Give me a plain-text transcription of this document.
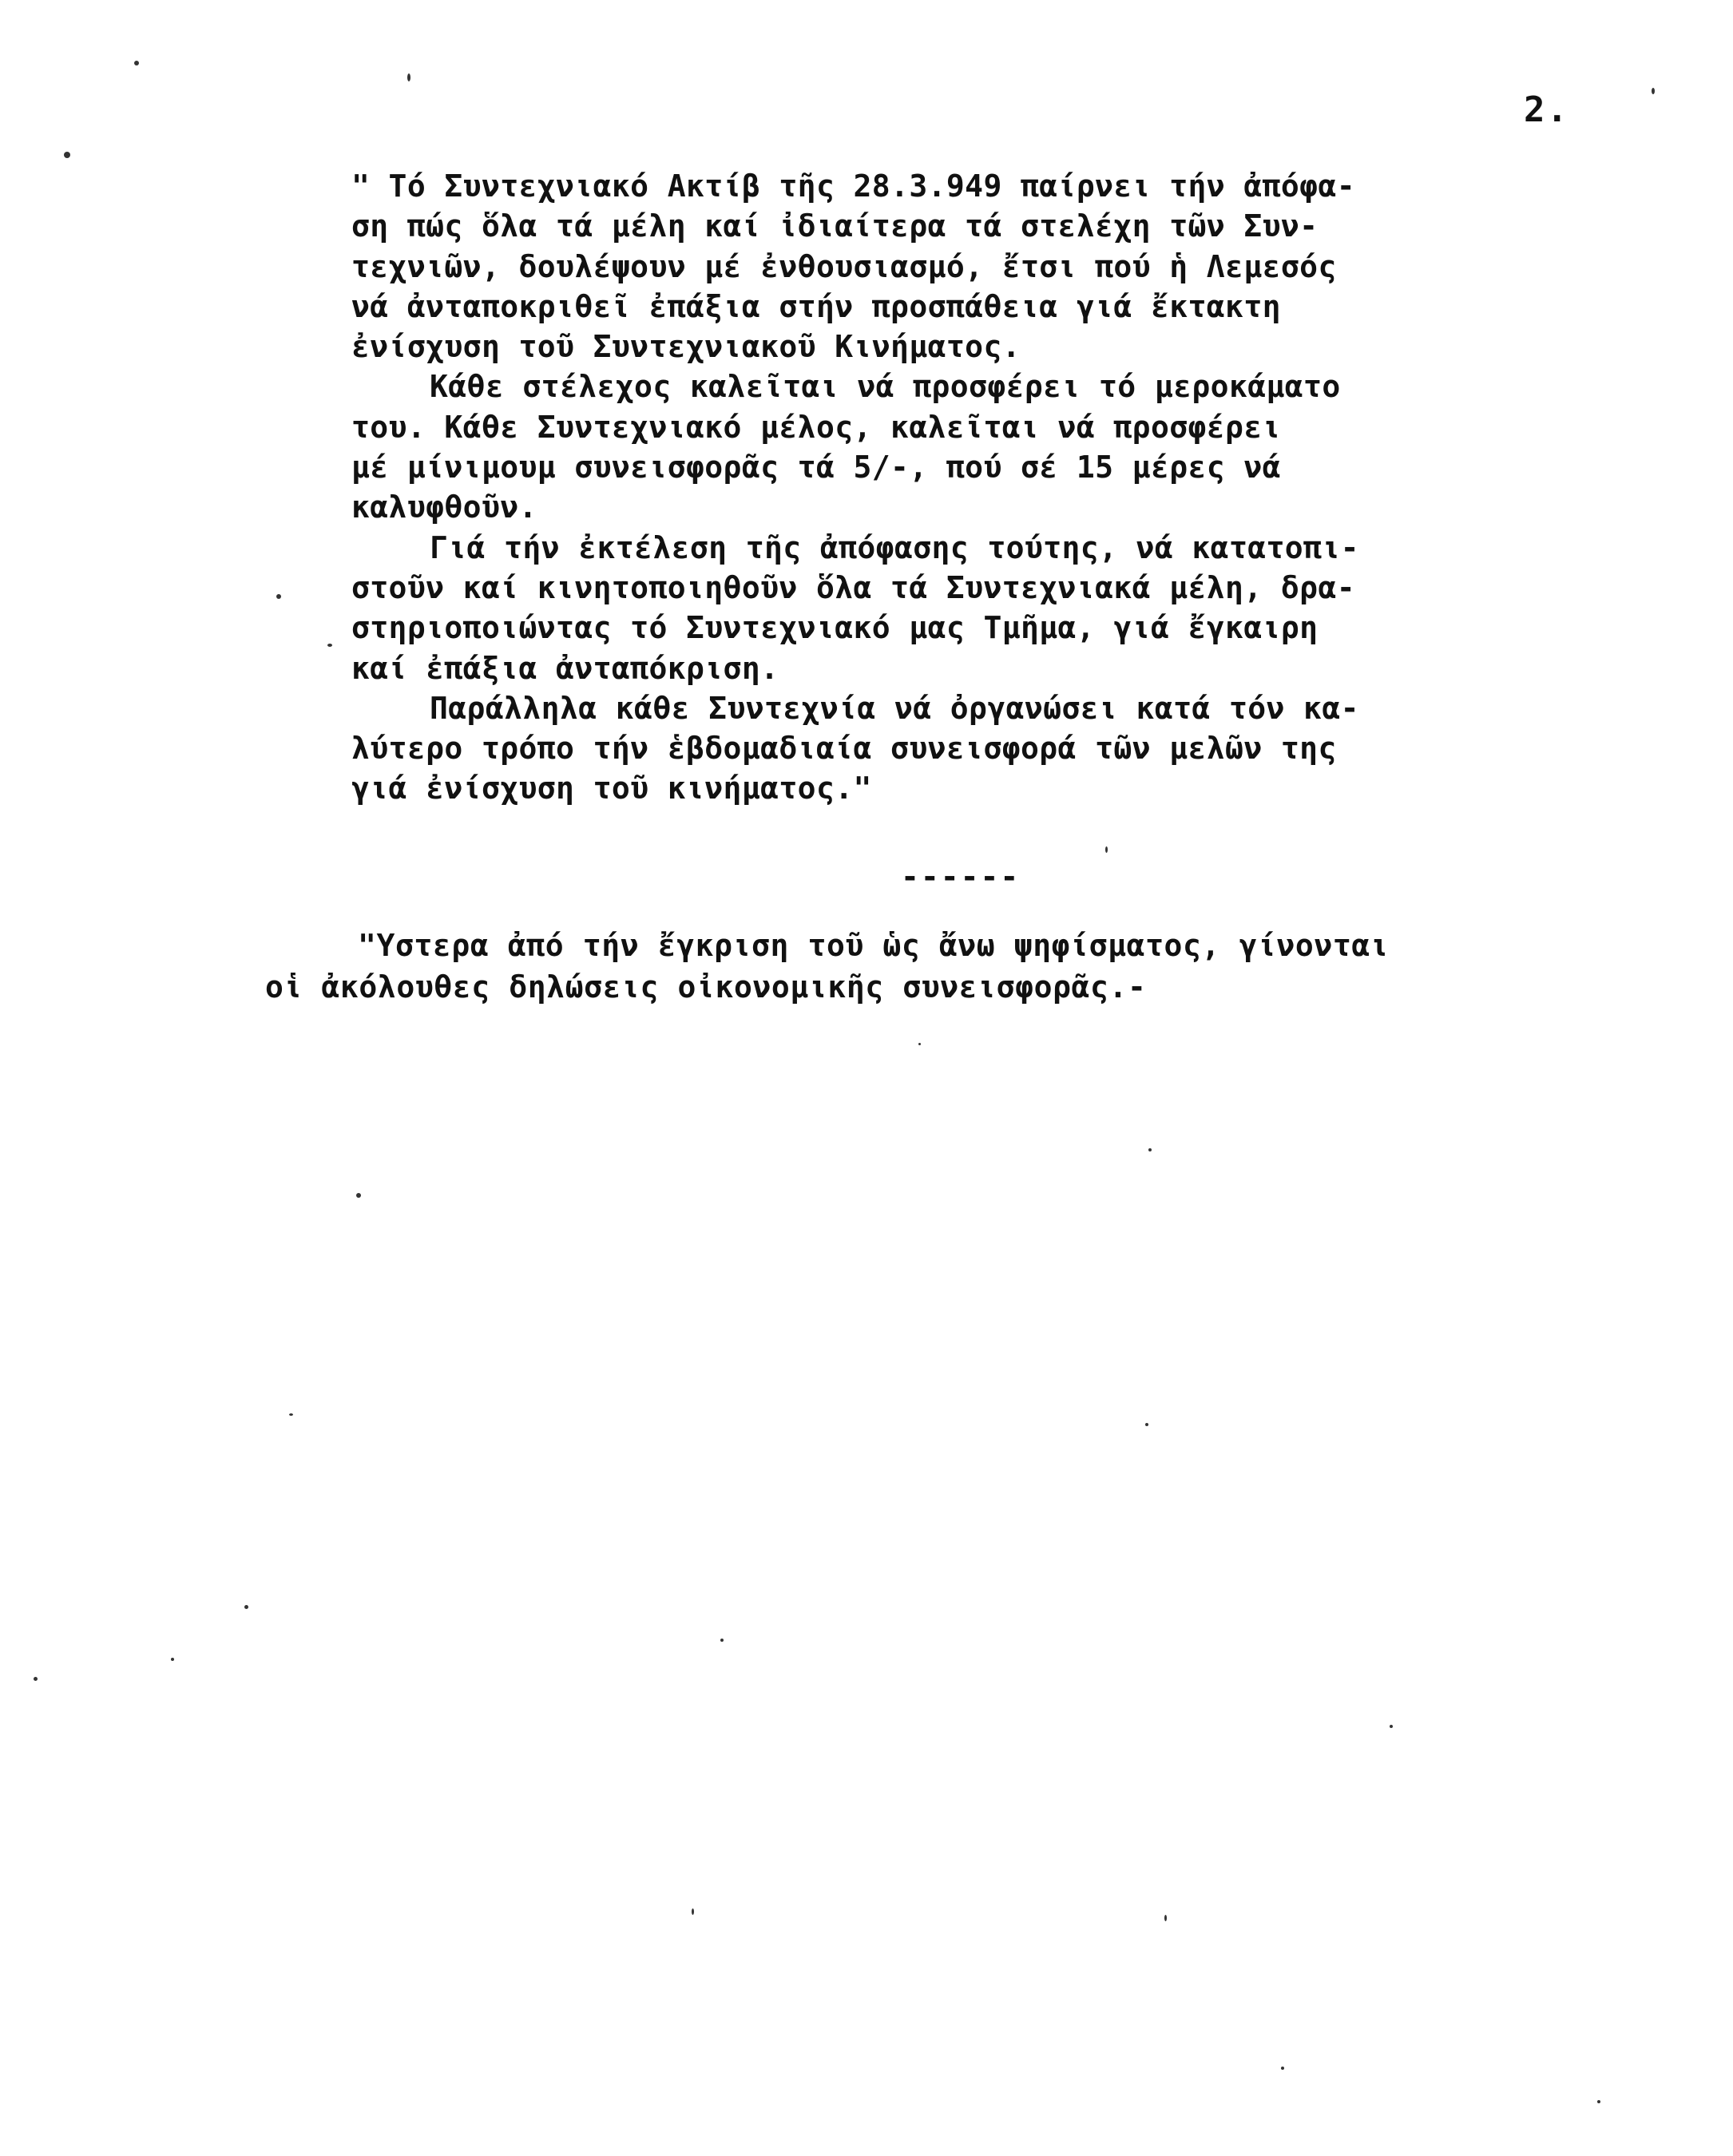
2.
" Τό Συντεχνιακό Ακτίβ τῆς 28.3.949 παίρνει τήν ἀπόφα-
ση πώς ὅλα τά μέλη καί ἰδιαίτερα τά στελέχη τῶν Συν-
τεχνιῶν, δουλέψουν μέ ἐνθουσιασμό, ἔτσι πού ἡ Λεμεσός
νά ἀνταποκριθεῖ ἐπάξια στήν προσπάθεια γιά ἔκτακτη
ἐνίσχυση τοῦ Συντεχνιακοῦ Κινήματος.
Κάθε στέλεχος καλεῖται νά προσφέρει τό μεροκάματο
του. Κάθε Συντεχνιακό μέλος, καλεῖται νά προσφέρει
μέ μίνιμουμ συνεισφορᾶς τά 5/-, πού σέ 15 μέρες νά
καλυφθοῦν.
Γιά τήν ἐκτέλεση τῆς ἀπόφασης τούτης, νά κατατοπι-
στοῦν καί κινητοποιηθοῦν ὅλα τά Συντεχνιακά μέλη, δρα-
στηριοποιώντας τό Συντεχνιακό μας Τμῆμα, γιά ἔγκαιρη
καί ἐπάξια ἀνταπόκριση.
Παράλληλα κάθε Συντεχνία νά ὀργανώσει κατά τόν κα-
λύτερο τρόπο τήν ἑβδομαδιαία συνεισφορά τῶν μελῶν της
γιά ἐνίσχυση τοῦ κινήματος."
------
"Υστερα ἀπό τήν ἔγκριση τοῦ ὡς ἄνω ψηφίσματος, γίνονται
οἱ ἀκόλουθες δηλώσεις οἰκονομικῆς συνεισφορᾶς.-
